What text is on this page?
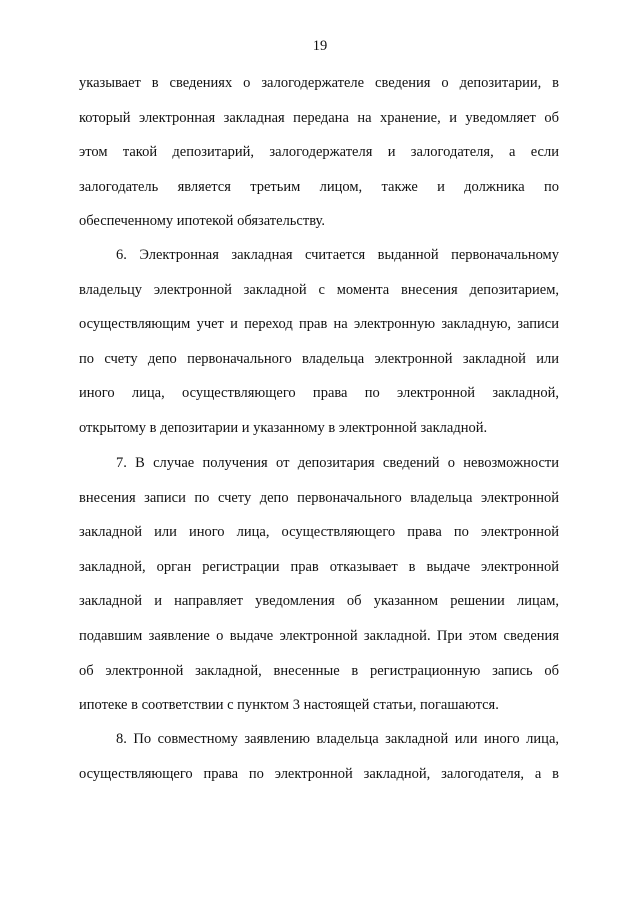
19
указывает в сведениях о залогодержателе сведения о депозитарии, в
который электронная закладная передана на хранение, и уведомляет об
этом такой депозитарий, залогодержателя и залогодателя, а если
залогодатель является третьим лицом, также и должника по
обеспеченному ипотекой обязательству.
6. Электронная закладная считается выданной первоначальному
владельцу электронной закладной с момента внесения депозитарием,
осуществляющим учет и переход прав на электронную закладную, записи
по счету депо первоначального владельца электронной закладной или
иного лица, осуществляющего права по электронной закладной,
открытому в депозитарии и указанному в электронной закладной.
7. В случае получения от депозитария сведений о невозможности
внесения записи по счету депо первоначального владельца электронной
закладной или иного лица, осуществляющего права по электронной
закладной, орган регистрации прав отказывает в выдаче электронной
закладной и направляет уведомления об указанном решении лицам,
подавшим заявление о выдаче электронной закладной. При этом сведения
об электронной закладной, внесенные в регистрационную запись об
ипотеке в соответствии с пунктом 3 настоящей статьи, погашаются.
8. По совместному заявлению владельца закладной или иного лица,
осуществляющего права по электронной закладной, залогодателя, а в
